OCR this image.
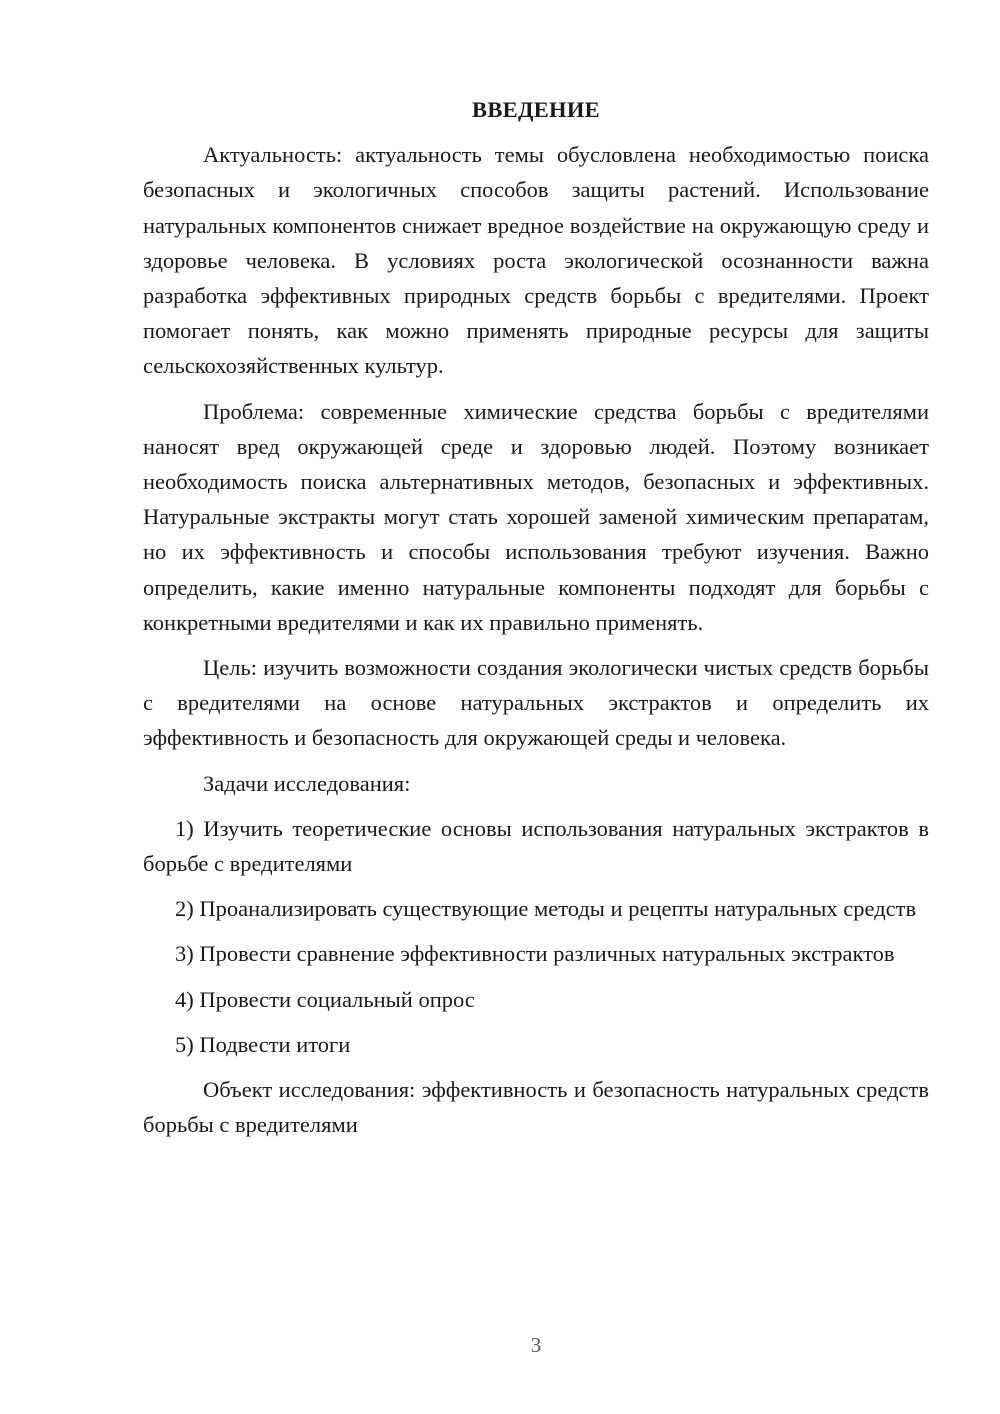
ВВЕДЕНИЕ

Актуальность: актуальность темы обусловлена необходимостью поиска безопасных и экологичных способов защиты растений. Использование натуральных компонентов снижает вредное воздействие на окружающую среду и здоровье человека. В условиях роста экологической осознанности важна разработка эффективных природных средств борьбы с вредителями. Проект помогает понять, как можно применять природные ресурсы для защиты сельскохозяйственных культур.

Проблема: современные химические средства борьбы с вредителями наносят вред окружающей среде и здоровью людей. Поэтому возникает необходимость поиска альтернативных методов, безопасных и эффективных. Натуральные экстракты могут стать хорошей заменой химическим препаратам, но их эффективность и способы использования требуют изучения. Важно определить, какие именно натуральные компоненты подходят для борьбы с конкретными вредителями и как их правильно применять.

Цель: изучить возможности создания экологически чистых средств борьбы с вредителями на основе натуральных экстрактов и определить их эффективность и безопасность для окружающей среды и человека.

Задачи исследования:

1) Изучить теоретические основы использования натуральных экстрактов в борьбе с вредителями

2) Проанализировать существующие методы и рецепты натуральных средств

3) Провести сравнение эффективности различных натуральных экстрактов

4) Провести социальный опрос

5) Подвести итоги

Объект исследования: эффективность и безопасность натуральных средств борьбы с вредителями

3
